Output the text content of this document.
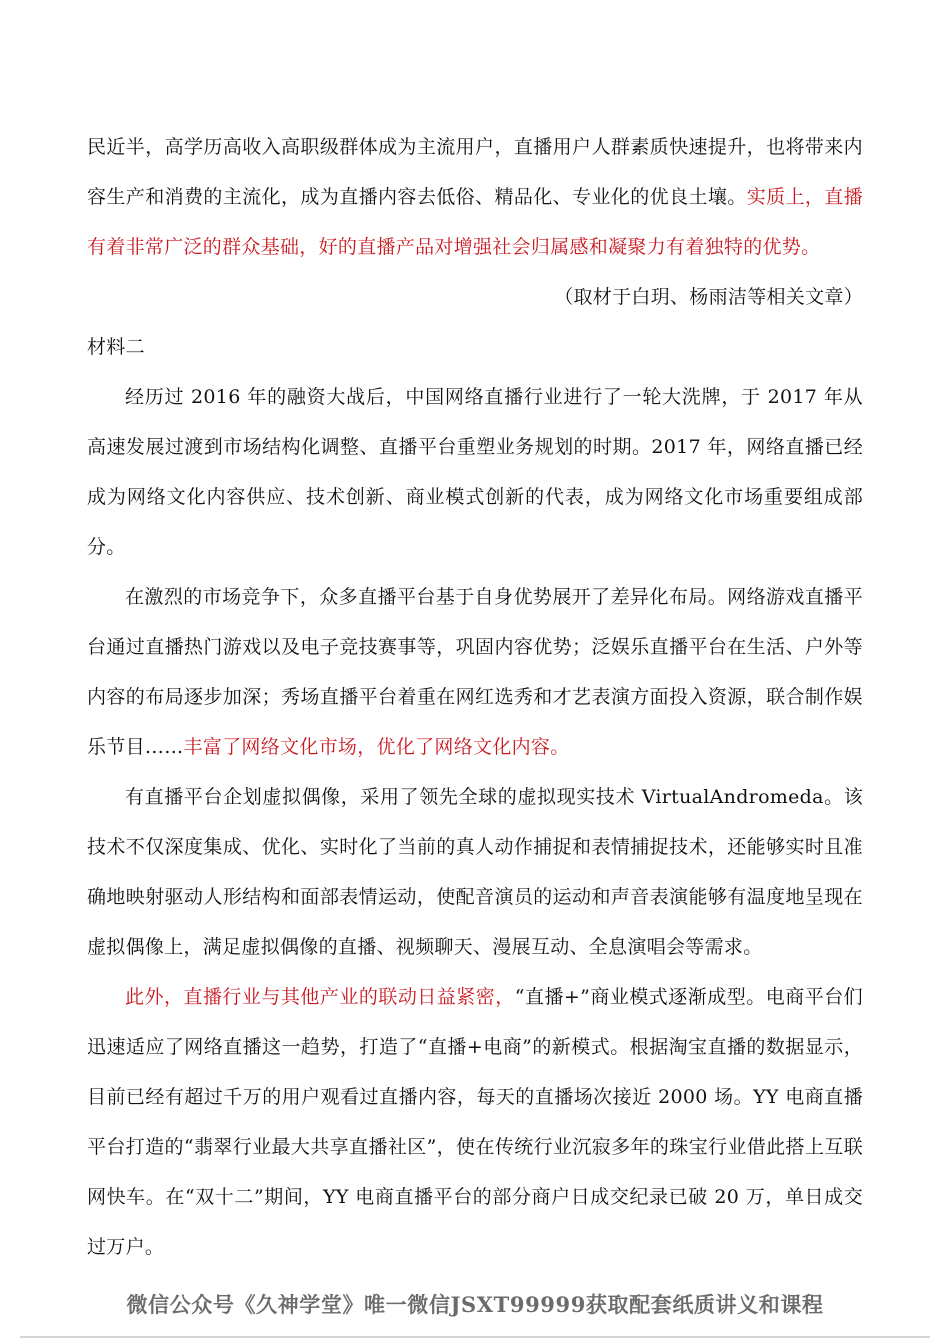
民近半，高学历高收入高职级群体成为主流用户，直播用户人群素质快速提升，也将带来内容生产和消费的主流化，成为直播内容去低俗、精品化、专业化的优良土壤。实质上，直播有着非常广泛的群众基础，好的直播产品对增强社会归属感和凝聚力有着独特的优势。

（取材于白玥、杨雨洁等相关文章）

材料二

经历过 2016 年的融资大战后，中国网络直播行业进行了一轮大洗牌，于 2017 年从高速发展过渡到市场结构化调整、直播平台重塑业务规划的时期。2017 年，网络直播已经成为网络文化内容供应、技术创新、商业模式创新的代表，成为网络文化市场重要组成部分。

在激烈的市场竞争下，众多直播平台基于自身优势展开了差异化布局。网络游戏直播平台通过直播热门游戏以及电子竞技赛事等，巩固内容优势；泛娱乐直播平台在生活、户外等内容的布局逐步加深；秀场直播平台着重在网红选秀和才艺表演方面投入资源，联合制作娱乐节目……丰富了网络文化市场，优化了网络文化内容。

有直播平台企划虚拟偶像，采用了领先全球的虚拟现实技术 VirtualAndromeda。该技术不仅深度集成、优化、实时化了当前的真人动作捕捉和表情捕捉技术，还能够实时且准确地映射驱动人形结构和面部表情运动，使配音演员的运动和声音表演能够有温度地呈现在虚拟偶像上，满足虚拟偶像的直播、视频聊天、漫展互动、全息演唱会等需求。

此外，直播行业与其他产业的联动日益紧密，“直播+”商业模式逐渐成型。电商平台们迅速适应了网络直播这一趋势，打造了“直播+电商”的新模式。根据淘宝直播的数据显示，目前已经有超过千万的用户观看过直播内容，每天的直播场次接近 2000 场。YY 电商直播平台打造的“翡翠行业最大共享直播社区”，使在传统行业沉寂多年的珠宝行业借此搭上互联网快车。在“双十二”期间，YY 电商直播平台的部分商户日成交纪录已破 20 万，单日成交过万户。

微信公众号《久神学堂》唯一微信JSXT99999获取配套纸质讲义和课程
